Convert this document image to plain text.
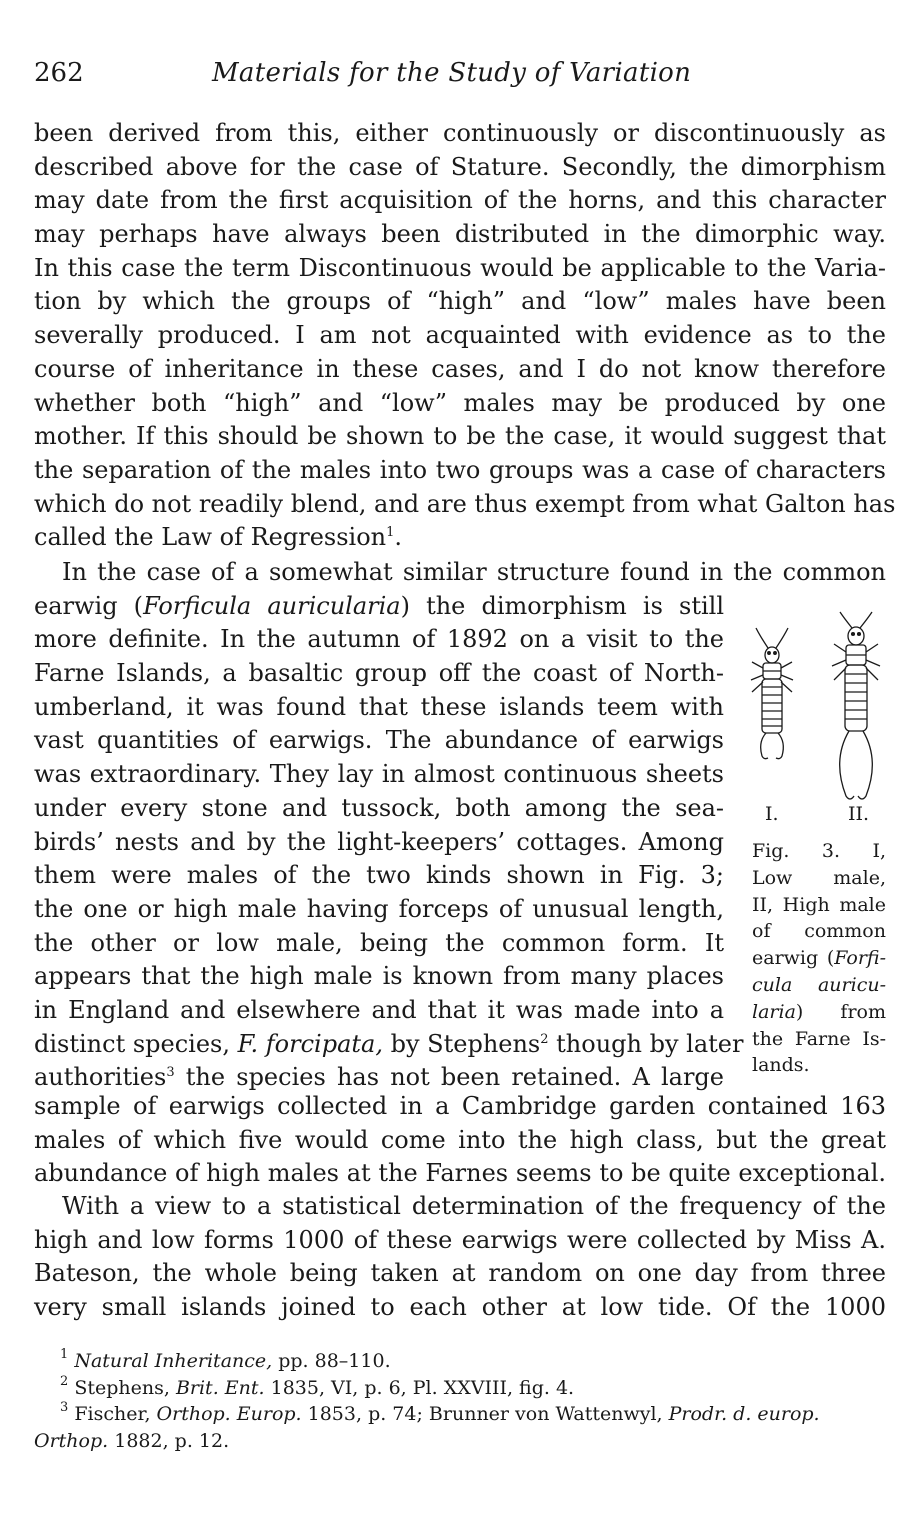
262	Materials for the Study of Variation
been derived from this, either continuously or discontinuously as
described above for the case of Stature. Secondly, the dimorphism
may date from the first acquisition of the horns, and this character
may perhaps have always been distributed in the dimorphic way.
In this case the term Discontinuous would be applicable to the Varia-
tion by which the groups of “high” and “low” males have been
severally produced. I am not acquainted with evidence as to the
course of inheritance in these cases, and I do not know therefore
whether both “high” and “low” males may be produced by one
mother. If this should be shown to be the case, it would suggest that
the separation of the males into two groups was a case of characters
which do not readily blend, and are thus exempt from what Galton has
called the Law of Regression$^1$.
In the case of a somewhat similar structure found in the common
earwig (Forficula auricularia) the dimorphism is still
more definite. In the autumn of 1892 on a visit to the
Farne Islands, a basaltic group off the coast of North-
umberland, it was found that these islands teem with
vast quantities of earwigs. The abundance of earwigs
was extraordinary. They lay in almost continuous sheets
under every stone and tussock, both among the sea-
birds’ nests and by the light-keepers’ cottages. Among
them were males of the two kinds shown in Fig. 3;
the one or high male having forceps of unusual length,
the other or low male, being the common form. It
appears that the high male is known from many places
in England and elsewhere and that it was made into a
distinct species, F. forcipata, by Stephens$^2$ though by later
authorities$^3$ the species has not been retained. A large
sample of earwigs collected in a Cambridge garden contained 163
males of which five would come into the high class, but the great
abundance of high males at the Farnes seems to be quite exceptional.
With a view to a statistical determination of the frequency of the
high and low forms 1000 of these earwigs were collected by Miss A.
Bateson, the whole being taken at random on one day from three
very small islands joined to each other at low tide. Of the 1000
I.	II.
Fig. 3. I,
Low male,
II, High male
of common
earwig (Forfi-
cula auricu-
laria) from
the Farne Is-
lands.
$^1$ Natural Inheritance, pp. 88–110.
$^2$ Stephens, Brit. Ent. 1835, VI, p. 6, Pl. XXVIII, fig. 4.
$^3$ Fischer, Orthop. Europ. 1853, p. 74; Brunner von Wattenwyl, Prodr. d. europ.
Orthop. 1882, p. 12.
